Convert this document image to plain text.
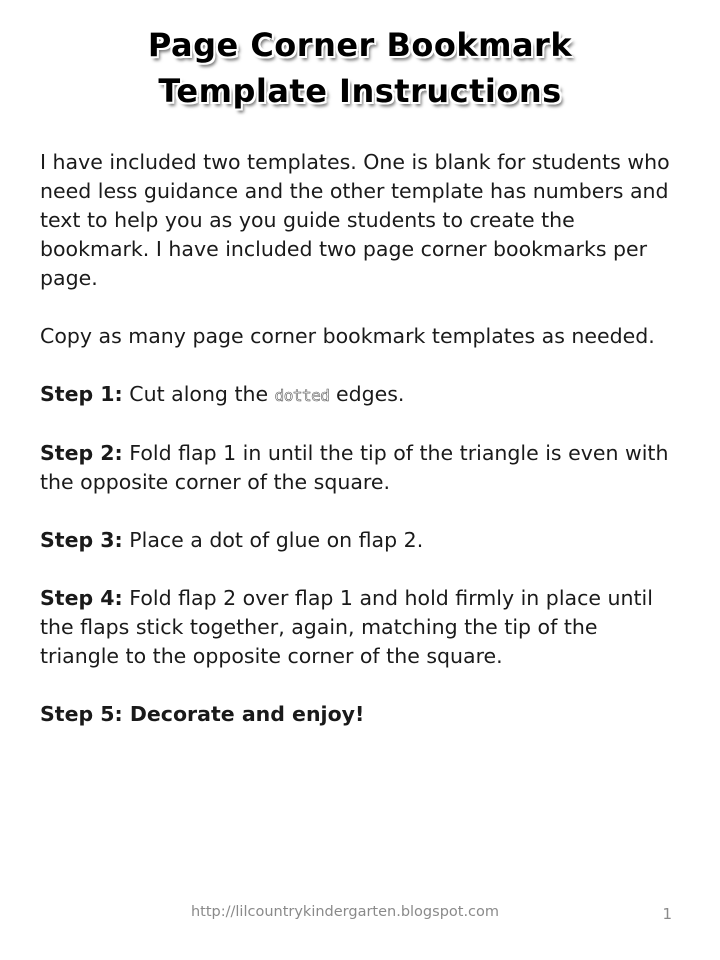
Page Corner Bookmark
Template Instructions

I have included two templates. One is blank for students who need less guidance and the other template has numbers and text to help you as you guide students to create the bookmark. I have included two page corner bookmarks per page.

Copy as many page corner bookmark templates as needed.

Step 1: Cut along the dotted edges.

Step 2: Fold flap 1 in until the tip of the triangle is even with the opposite corner of the square.

Step 3: Place a dot of glue on flap 2.

Step 4: Fold flap 2 over flap 1 and hold firmly in place until the flaps stick together, again, matching the tip of the triangle to the opposite corner of the square.

Step 5: Decorate and enjoy!

http://lilcountrykindergarten.blogspot.com	1
